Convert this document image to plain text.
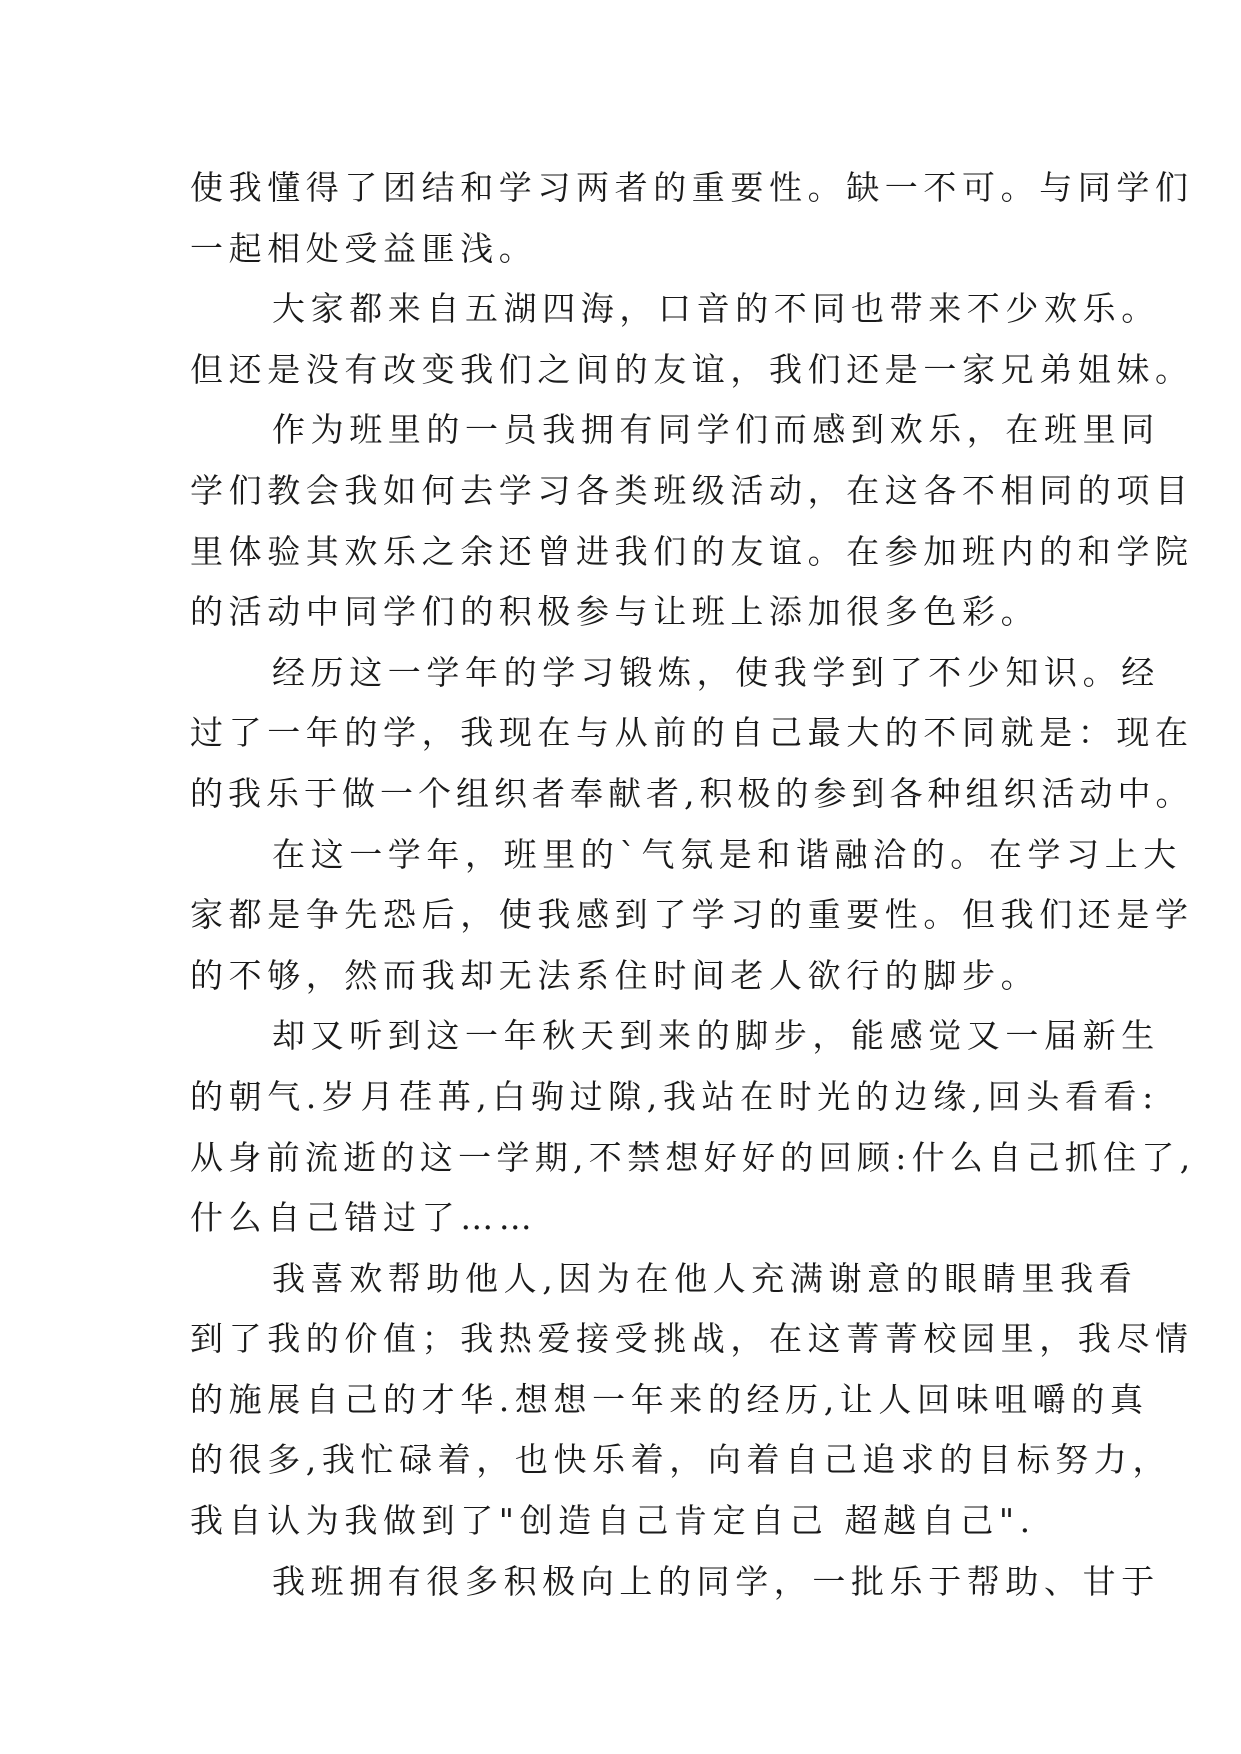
使我懂得了团结和学习两者的重要性。缺一不可。与同学们
一起相处受益匪浅。
大家都来自五湖四海，口音的不同也带来不少欢乐。
但还是没有改变我们之间的友谊，我们还是一家兄弟姐妹。
作为班里的一员我拥有同学们而感到欢乐，在班里同
学们教会我如何去学习各类班级活动，在这各不相同的项目
里体验其欢乐之余还曾进我们的友谊。在参加班内的和学院
的活动中同学们的积极参与让班上添加很多色彩。
经历这一学年的学习锻炼，使我学到了不少知识。经
过了一年的学，我现在与从前的自己最大的不同就是：现在
的我乐于做一个组织者奉献者,积极的参到各种组织活动中。
在这一学年，班里的`气氛是和谐融洽的。在学习上大
家都是争先恐后，使我感到了学习的重要性。但我们还是学
的不够，然而我却无法系住时间老人欲行的脚步。
却又听到这一年秋天到来的脚步，能感觉又一届新生
的朝气.岁月荏苒,白驹过隙,我站在时光的边缘,回头看看:
从身前流逝的这一学期,不禁想好好的回顾:什么自己抓住了,
什么自己错过了……
我喜欢帮助他人,因为在他人充满谢意的眼睛里我看
到了我的价值；我热爱接受挑战，在这菁菁校园里，我尽情
的施展自己的才华.想想一年来的经历,让人回味咀嚼的真
的很多,我忙碌着，也快乐着，向着自己追求的目标努力，
我自认为我做到了"创造自己肯定自己 超越自己".
我班拥有很多积极向上的同学，一批乐于帮助、甘于
